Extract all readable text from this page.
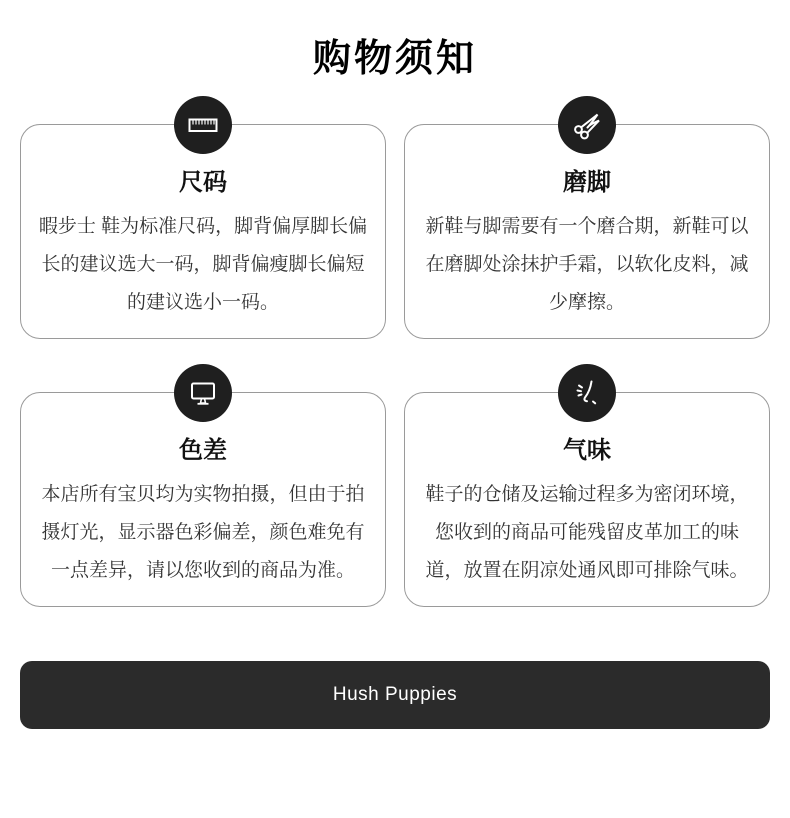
购物须知
尺码

暇步士 鞋为标准尺码，脚背偏厚脚长偏长的建议选大一码，脚背偏瘦脚长偏短的建议选小一码。

磨脚

新鞋与脚需要有一个磨合期，新鞋可以在磨脚处涂抹护手霜，以软化皮料，减少摩擦。

色差

本店所有宝贝均为实物拍摄，但由于拍摄灯光，显示器色彩偏差，颜色难免有一点差异，请以您收到的商品为准。

气味

鞋子的仓储及运输过程多为密闭环境，您收到的商品可能残留皮革加工的味道，放置在阴凉处通风即可排除气味。

Hush Puppies
